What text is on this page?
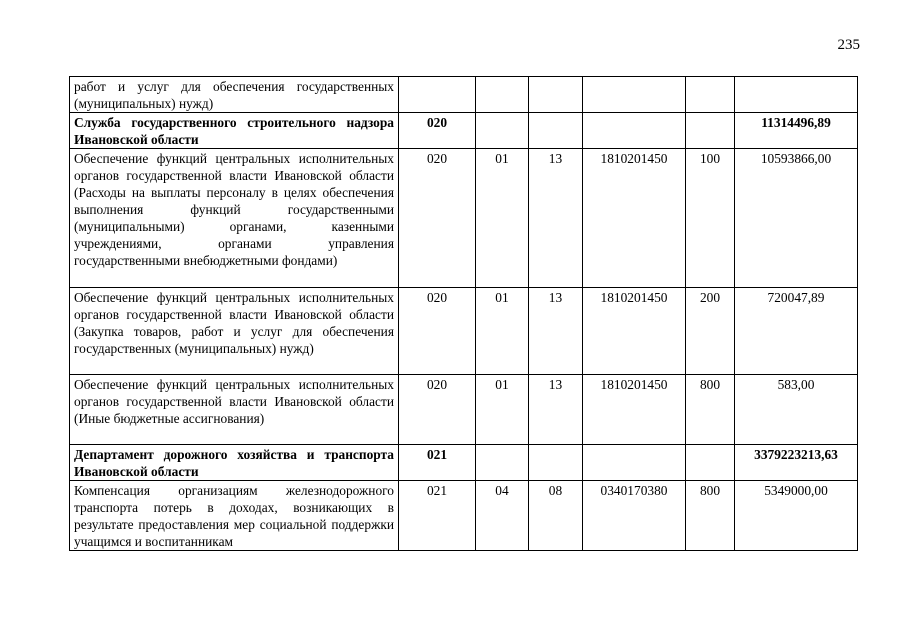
235
работ и услуг для обеспечения государственных (муниципальных) нужд)						
Служба государственного строительного надзора Ивановской области	020					11314496,89
Обеспечение функций центральных исполнительных органов государственной власти Ивановской области (Расходы на выплаты персоналу в целях обеспечения выполнения функций государственными (муниципальными) органами, казенными учреждениями, органами управления государственными внебюджетными фондами)	020	01	13	1810201450	100	10593866,00
Обеспечение функций центральных исполнительных органов государственной власти Ивановской области (Закупка товаров, работ и услуг для обеспечения государственных (муниципальных) нужд)	020	01	13	1810201450	200	720047,89
Обеспечение функций центральных исполнительных органов государственной власти Ивановской области (Иные бюджетные ассигнования)	020	01	13	1810201450	800	583,00
Департамент дорожного хозяйства и транспорта Ивановской области	021					3379223213,63
Компенсация организациям железнодорожного транспорта потерь в доходах, возникающих в результате предоставления мер социальной поддержки учащимся и воспитанникам	021	04	08	0340170380	800	5349000,00
